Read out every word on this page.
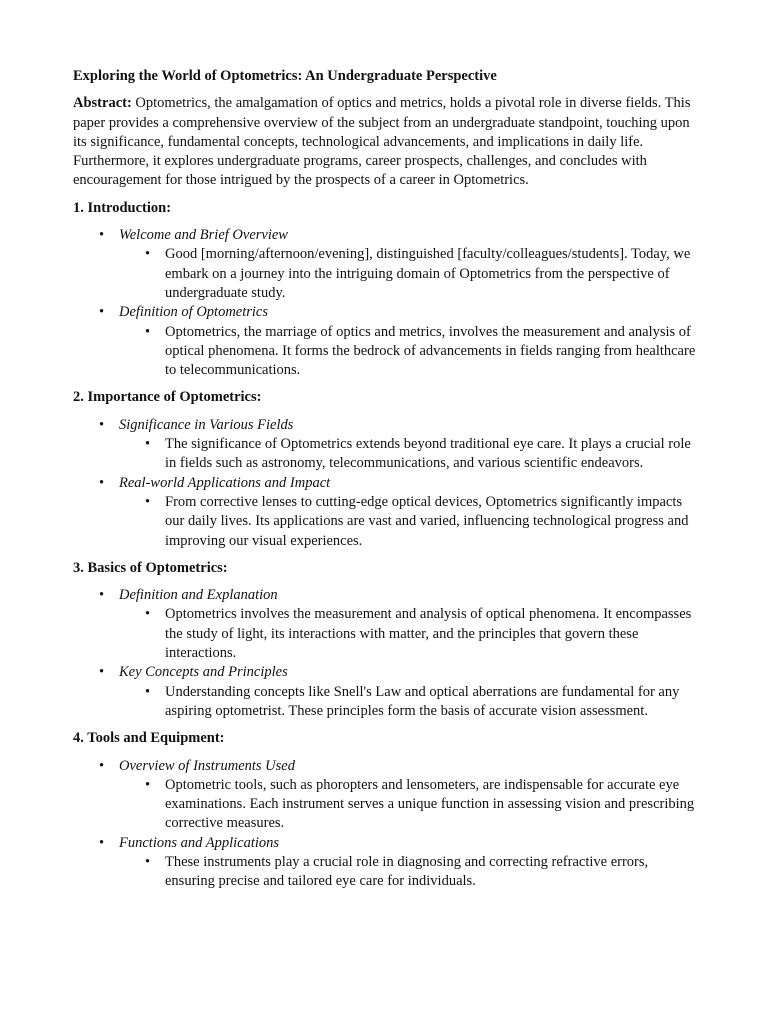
Exploring the World of Optometrics: An Undergraduate Perspective

Abstract: Optometrics, the amalgamation of optics and metrics, holds a pivotal role in diverse fields. This paper provides a comprehensive overview of the subject from an undergraduate standpoint, touching upon its significance, fundamental concepts, technological advancements, and implications in daily life. Furthermore, it explores undergraduate programs, career prospects, challenges, and concludes with encouragement for those intrigued by the prospects of a career in Optometrics.

1. Introduction:

• Welcome and Brief Overview
• Good [morning/afternoon/evening], distinguished [faculty/colleagues/students]. Today, we embark on a journey into the intriguing domain of Optometrics from the perspective of undergraduate study.
• Definition of Optometrics
• Optometrics, the marriage of optics and metrics, involves the measurement and analysis of optical phenomena. It forms the bedrock of advancements in fields ranging from healthcare to telecommunications.

2. Importance of Optometrics:

• Significance in Various Fields
• The significance of Optometrics extends beyond traditional eye care. It plays a crucial role in fields such as astronomy, telecommunications, and various scientific endeavors.
• Real-world Applications and Impact
• From corrective lenses to cutting-edge optical devices, Optometrics significantly impacts our daily lives. Its applications are vast and varied, influencing technological progress and improving our visual experiences.

3. Basics of Optometrics:

• Definition and Explanation
• Optometrics involves the measurement and analysis of optical phenomena. It encompasses the study of light, its interactions with matter, and the principles that govern these interactions.
• Key Concepts and Principles
• Understanding concepts like Snell's Law and optical aberrations are fundamental for any aspiring optometrist. These principles form the basis of accurate vision assessment.

4. Tools and Equipment:

• Overview of Instruments Used
• Optometric tools, such as phoropters and lensometers, are indispensable for accurate eye examinations. Each instrument serves a unique function in assessing vision and prescribing corrective measures.
• Functions and Applications
• These instruments play a crucial role in diagnosing and correcting refractive errors, ensuring precise and tailored eye care for individuals.
